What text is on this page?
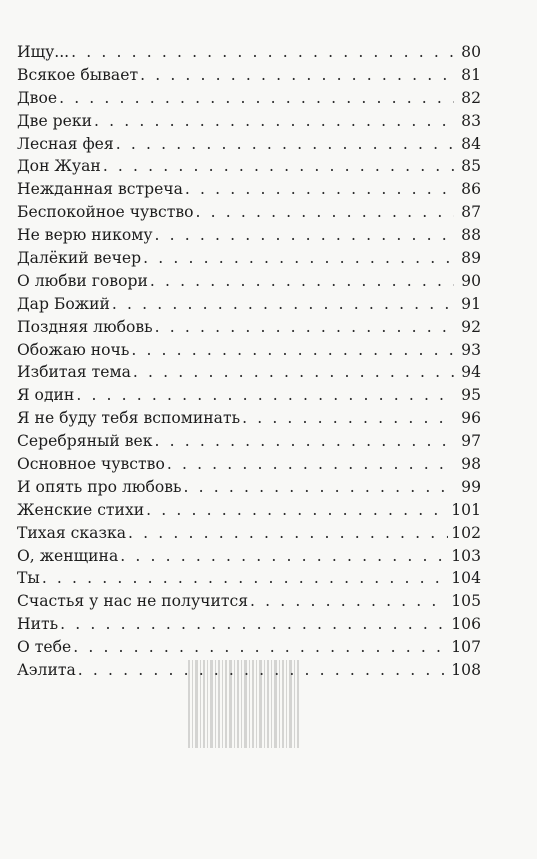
Ищу... . . .	80
Всякое бывает . . .	81
Двое . . .	82
Две реки . . .	83
Лесная фея . . .	84
Дон Жуан . . .	85
Нежданная встреча . . .	86
Беспокойное чувство . . .	87
Не верю никому . . .	88
Далёкий вечер . . .	89
О любви говори . . .	90
Дар Божий . . .	91
Поздняя любовь . . .	92
Обожаю ночь . . .	93
Избитая тема . . .	94
Я один . . .	95
Я не буду тебя вспоминать . . .	96
Серебряный век . . .	97
Основное чувство . . .	98
И опять про любовь . . .	99
Женские стихи . . .	101
Тихая сказка . . .	102
О, женщина . . .	103
Ты . . .	104
Счастья у нас не получится . . .	105
Нить . . .	106
О тебе . . .	107
Аэлита . . .	108
